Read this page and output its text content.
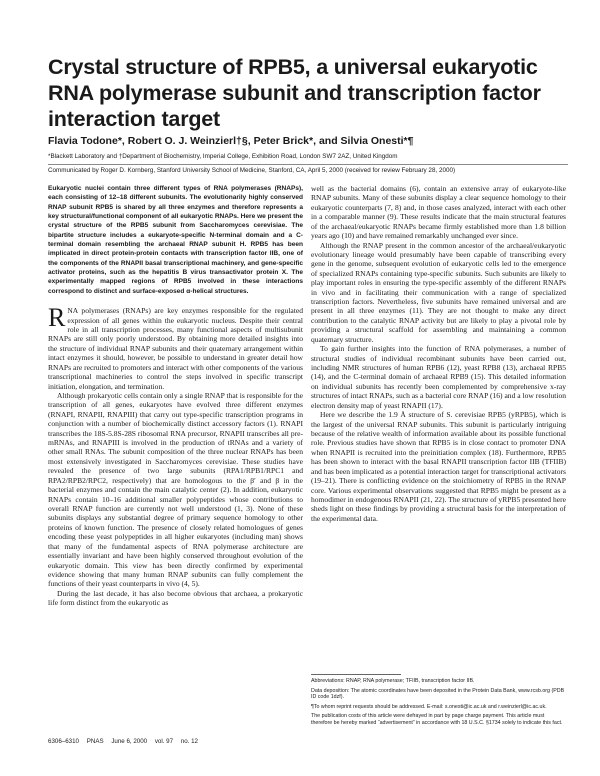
Crystal structure of RPB5, a universal eukaryotic RNA polymerase subunit and transcription factor interaction target
Flavia Todone*, Robert O. J. Weinzierl†§, Peter Brick*, and Silvia Onesti*¶
*Blackett Laboratory and †Department of Biochemistry, Imperial College, Exhibition Road, London SW7 2AZ, United Kingdom
Communicated by Roger D. Kornberg, Stanford University School of Medicine, Stanford, CA, April 5, 2000 (received for review February 28, 2000)

Eukaryotic nuclei contain three different types of RNA polymerases (RNAPs), each consisting of 12–18 different subunits. The evolutionarily highly conserved RNAP subunit RPB5 is shared by all three enzymes and therefore represents a key structural/functional component of all eukaryotic RNAPs. Here we present the crystal structure of the RPB5 subunit from Saccharomyces cerevisiae. The bipartite structure includes a eukaryote-specific N-terminal domain and a C-terminal domain resembling the archaeal RNAP subunit H. RPB5 has been implicated in direct protein-protein contacts with transcription factor IIB, one of the components of the RNAPII basal transcriptional machinery, and gene-specific activator proteins, such as the hepatitis B virus transactivator protein X. The experimentally mapped regions of RPB5 involved in these interactions correspond to distinct and surface-exposed α-helical structures.

RNA polymerases (RNAPs) are key enzymes responsible for the regulated expression of all genes within the eukaryotic nucleus. Despite their central role in all transcription processes, many functional aspects of multisubunit RNAPs are still only poorly understood. By obtaining more detailed insights into the structure of individual RNAP subunits and their quaternary arrangement within intact enzymes it should, however, be possible to understand in greater detail how RNAPs are recruited to promoters and interact with other components of the various transcriptional machineries to control the steps involved in specific transcript initiation, elongation, and termination.

Although prokaryotic cells contain only a single RNAP that is responsible for the transcription of all genes, eukaryotes have evolved three different enzymes (RNAPI, RNAPII, RNAPIII) that carry out type-specific transcription programs in conjunction with a number of biochemically distinct accessory factors (1). RNAPI transcribes the 18S-5.8S-28S ribosomal RNA precursor, RNAPII transcribes all pre-mRNAs, and RNAPIII is involved in the production of tRNAs and a variety of other small RNAs. The subunit composition of the three nuclear RNAPs has been most extensively investigated in Saccharomyces cerevisiae. These studies have revealed the presence of two large subunits (RPA1/RPB1/RPC1 and RPA2/RPB2/RPC2, respectively) that are homologous to the β′ and β in the bacterial enzymes and contain the main catalytic center (2). In addition, eukaryotic RNAPs contain 10–16 additional smaller polypeptides whose contributions to overall RNAP function are currently not well understood (1, 3). None of these subunits displays any substantial degree of primary sequence homology to other proteins of known function. The presence of closely related homologues of genes encoding these yeast polypeptides in all higher eukaryotes (including man) shows that many of the fundamental aspects of RNA polymerase architecture are essentially invariant and have been highly conserved throughout evolution of the eukaryotic domain. This view has been directly confirmed by experimental evidence showing that many human RNAP subunits can fully complement the functions of their yeast counterparts in vivo (4, 5).

During the last decade, it has also become obvious that archaea, a prokaryotic life form distinct from the eukaryotic as

well as the bacterial domains (6), contain an extensive array of eukaryote-like RNAP subunits. Many of these subunits display a clear sequence homology to their eukaryotic counterparts (7, 8) and, in those cases analyzed, interact with each other in a comparable manner (9). These results indicate that the main structural features of the archaeal/eukaryotic RNAPs became firmly established more than 1.8 billion years ago (10) and have remained remarkably unchanged ever since.

Although the RNAP present in the common ancestor of the archaeal/eukaryotic evolutionary lineage would presumably have been capable of transcribing every gene in the genome, subsequent evolution of eukaryotic cells led to the emergence of specialized RNAPs containing type-specific subunits. Such subunits are likely to play important roles in ensuring the type-specific assembly of the different RNAPs in vivo and in facilitating their communication with a range of specialized transcription factors. Nevertheless, five subunits have remained universal and are present in all three enzymes (11). They are not thought to make any direct contribution to the catalytic RNAP activity but are likely to play a pivotal role by providing a structural scaffold for assembling and maintaining a common quaternary structure.

To gain further insights into the function of RNA polymerases, a number of structural studies of individual recombinant subunits have been carried out, including NMR structures of human RPB6 (12), yeast RPB8 (13), archaeal RPB5 (14), and the C-terminal domain of archaeal RPB9 (15). This detailed information on individual subunits has recently been complemented by comprehensive x-ray structures of intact RNAPs, such as a bacterial core RNAP (16) and a low resolution electron density map of yeast RNAPII (17).

Here we describe the 1.9 Å structure of S. cerevisiae RPB5 (yRPB5), which is the largest of the universal RNAP subunits. This subunit is particularly intriguing because of the relative wealth of information available about its possible functional role. Previous studies have shown that RPB5 is in close contact to promoter DNA when RNAPII is recruited into the preinitiation complex (18). Furthermore, RPB5 has been shown to interact with the basal RNAPII transcription factor IIB (TFIIB) and has been implicated as a potential interaction target for transcriptional activators (19–21). There is conflicting evidence on the stoichiometry of RPB5 in the RNAP core. Various experimental observations suggested that RPB5 might be present as a homodimer in endogenous RNAPII (21, 22). The structure of yRPB5 presented here sheds light on these findings by providing a structural basis for the interpretation of the experimental data.

Abbreviations: RNAP, RNA polymerase; TFIIB, transcription factor IIB.

Data deposition: The atomic coordinates have been deposited in the Protein Data Bank, www.rcsb.org (PDB ID code 1dzf).

¶To whom reprint requests should be addressed. E-mail: s.onesti@ic.ac.uk and r.weinzierl@ic.ac.uk.

The publication costs of this article were defrayed in part by page charge payment. This article must therefore be hereby marked “advertisement” in accordance with 18 U.S.C. §1734 solely to indicate this fact.

6306–6310 PNAS June 6, 2000 vol. 97 no. 12
